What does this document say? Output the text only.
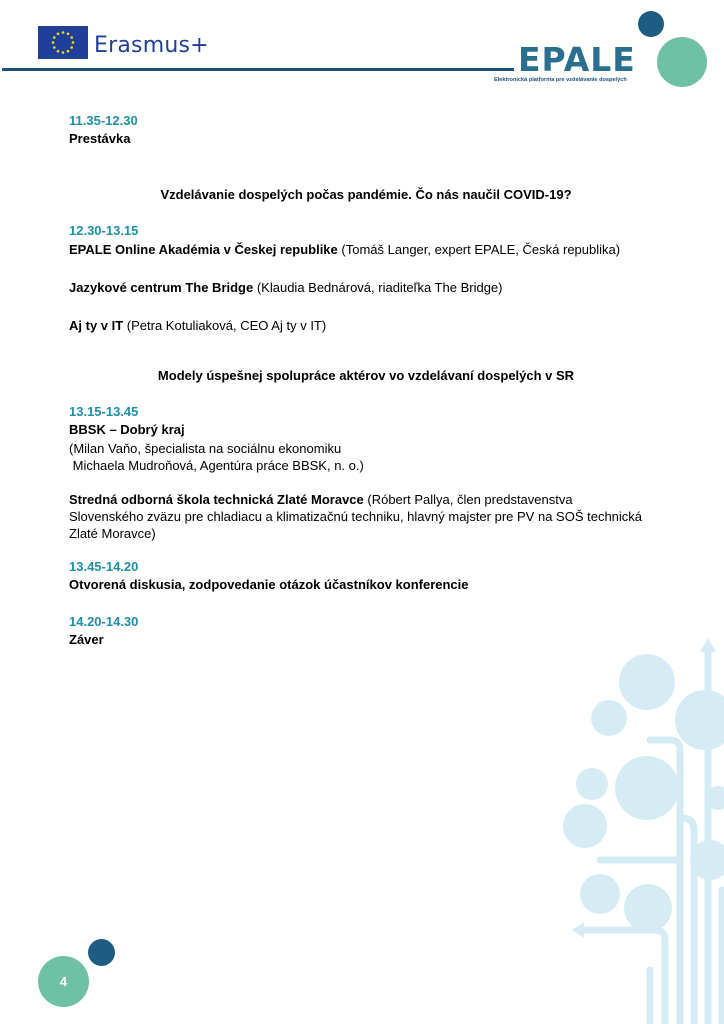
Erasmus+	EPALE
Elektronická platforma pre vzdelávanie dospelých
11.35-12.30
Prestávka
Vzdelávanie dospelých počas pandémie. Čo nás naučil COVID-19?
12.30-13.15
EPALE Online Akadémia v Českej republike (Tomáš Langer, expert EPALE, Česká republika)
Jazykové centrum The Bridge (Klaudia Bednárová, riaditeľka The Bridge)
Aj ty v IT (Petra Kotuliaková, CEO Aj ty v IT)
Modely úspešnej spolupráce aktérov vo vzdelávaní dospelých v SR
13.15-13.45
BBSK – Dobrý kraj
(Milan Vaňo, špecialista na sociálnu ekonomiku
Michaela Mudroňová, Agentúra práce BBSK, n. o.)
Stredná odborná škola technická Zlaté Moravce (Róbert Pallya, člen predstavenstva Slovenského zväzu pre chladiacu a klimatizačnú techniku, hlavný majster pre PV na SOŠ technická Zlaté Moravce)
13.45-14.20
Otvorená diskusia, zodpovedanie otázok účastníkov konferencie
14.20-14.30
Záver
4
